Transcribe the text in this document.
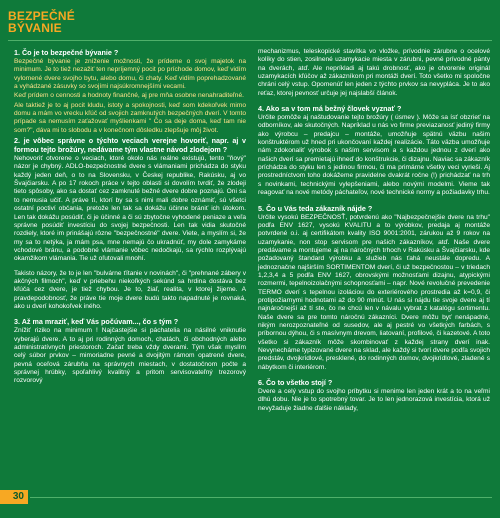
BEZPEČNÉ
BÝVANIE
1. Čo je to bezpečné bývanie ?

Bezpečné bývanie je zníženie možnosti, že prídeme o svoj majetok na minimum. Je to tiež nezažiť ten nepríjemný pocit po príchode domov, keď vidím vylomené dvere svojho bytu, alebo domu, či chaty. Keď vidím poprehadzované a vyhádzané zásuvky so svojími najsúkromnejšími vecami.

Keď prídem o cennosti a hodnoty finančné, aj pre mňa osobne nenahraditeľné.

Ale taktiež je to aj pocit kludu, istoty a spokojnosti, keď som kdekoľvek mimo domu a mám vo vrecku kľúč od svojich zamknutých bezpečných dverí. V tomto prípade sa nemusím zaťažovať myšlienkami " Čo sa deje doma, keď tam nie som?", dáva mi to slobodu a v konečnom dôsledku zlepšuje môj život.

2. je vôbec správne o týchto veciach verejne hovoriť, napr. aj v formou tejto brožúry, nedávame tým vlastne návod zlodejom ?

Nehovoriť otvorene o veciach, ktoré okolo nás reálne existujú, tento "ňový" názor je chybný. ADLO-bezpečnostné dvere s vlámaniami prichádza do styku každý jeden deň, o to na Slovensku, v Českej republike, Rakúsku, aj vo Švajčiarsku. A po 17 rokoch práce v tejto oblasti si dovolím tvrdiť, že zlodeji tieto spôsoby, ako sa dostať cez zamknuté bežné dvere dobre poznajú. Oni sa to nemusia učiť. A práve tí, ktorí by sa s nimi mali dobre oznámiť, sú všetci ostatní poctiví občania, pretože len tak sa dokážu účinne brániť ich útokom. Len tak dokážu posúdiť, či je účinné a či sú zbytočne vyhodené peniaze a veľa správne posúdiť investíciu do svojej bezpečnosti. Len tak vidia skutočné rozdiely, ktoré im prinášajú rôzne "bezpečnostné" dvere. Viete, a myslím si, že my sa to netýka, ja mám psa, mne nemajú čo ukradnúť, my dole zamykáme vchodové bránu, a podobné vlámanie vôbec nedočkajú, sa rýchlo rozplývajú okamžikom vlámania. Tie už oľutovali mnohí.

Takisto názory, že to je len "bulvárne ťítanie v novinách", či "prehnané zábery v akčných filmoch", keď v priebehu niekoľkých sekúnd sa hrdina dostáva bez kľúča cez dvere, je tiež chybou. Je to, žiaľ, realita, v ktorej žijeme. A pravdepodobnosť, že práve tie moje dvere budú takto napadnuté je rovnaká, ako u dverí kohokoľvek iného.

3. Až ma mraziť, keď Vás počúvam..., čo s tým ?

Znížiť riziko na minimum ! Najčastejšie si páchatelia na násilné vniknutie vyberajú dvere. A to aj pri rodinných domoch, chatách, či obchodných alebo administratívnych priestoroch. Začať treba vždy dverami. Tým však myslím celý súbor prvkov – mimoriadne pevné a dvojitým rámom opatrené dvere, pevná oceľová zárubňa na správnych miestach, v dostatočnom počte a správnej hrúbky, spoľahlivý kvalitný a pritom servisovateľný trezorový rozvorový

mechanizmus, teleskopické stavítka vo vložke, prívodnie zárubne o ocelové kolíky do stien, zosilnené uzamykacie miesta v zárubni, pevné prívodné pánty na dverách, atď. Ale nepríkladi aj takú drobnosť, ako je otvorenie originál uzamykacích kľúčov až zákazníkom pri montáži dverí. Toto všetko mi spoločne chráni celý vstup. Opomenúť len jeden z týchto prvkov sa nevypláca. Je to ako reťaz, ktorej pevnosť určuje jej najslabší článok.

4. Ako sa v tom má bežný človek vyznať ?

Určite pomôže aj naštudovanie tejto brožúry ( úsmev ). Môže sa ísť obzrieť na odborníkov, ale skutočných. Napríklad u nás vo firme previazanosť jediný firmy ako výrobcu – predajcu – montáže, umožňuje spätnú väzbu našim konštruktérom už hned pri ukončovaní každej realizácie. Táto väzba umožňuje nám zdokonaliť výrobok s naším servisom a s každou jednou z dverí ako našich dverí sa premietajú ihneď do konštrukcie, či dizajnu. Naviac sa zákazník príchádza do styku len s jedinou firmou, či ma primárne všetky veci vyrieši. Aj prostredníctvom toho dokážeme pravidelne dvakrát ročne (!) prichádzať na trh s novinkami, technickými vylepšeniami, alebo novými modelmi. Vieme tak reagovať na nové metódy páchateľov, nové technické normy a požiadavky trhu.

5. Čo u Vás teda zákazník nájde ?

Určite vysokú BEZPEČNOSŤ, potvrdenú ako "Najbezpečnejšie dvere na trhu" podľa ENV 1627, vysokú KVALITU a to výrobkov, predaja aj montáže potvrdené o.i. aj certifikátom kvality ISO 9001:2001, zárukou až 9 rokov na uzamykanie, non stop servisom pre našich zákazníkov, atď. Naše dvere predávame a montujeme aj na náročných trhoch v Rakúsku a Švajčiarsku, kde požadovaný štandard výrobku a služieb nás ťahá neustále dopredu. A jednoznačne najširším SORTIMENTOM dverí, či už bezpečnostou – v triedach 1,2,3,4 a 5 podľa ENV 1627, obrovskými možnosťami dizajnu, atypickými rozmermi, tepelnoizolačnými schopnosťami – napr. Nové revolučné prevedenie TERMO dverí s tepelnou izoláciou do exteriérového prostredia až k=0,9, či protipožiarnymi hodnotami až do 90 minút. U nás si nájdu tie svoje dvere aj tí najnáročnejší až tí ste, čo ne chcú len v návalu vybrat z katalógu sortimentu. Naše dvere sa pre tomto náročnú zákazníci. Dvere môžu byť nenápadné, nikým nerozpoznateľné od susedov, ale aj pestré vo všetkých farbách, s príbornou dýhou, či s masívnym drevom, liatovaní, profilové, či kazetové. A toto všetko si zákazník môže skombinovať z každej strany dverí inak. Nevynecháme typizované dvere na sklad, ale každý si tvorí dvere podľa svojich predstáv, dvojkrídlové, presklené, do rodinných domov, dvojkrídlové, zladené s nábytkom či interiérom.

6. Čo to všetko stojí ?

Dvere a celý vstup do svojho príbytku si menime len jeden krát a to na veľmi dlhú dobu. Nie je to spotrebný tovar. Je to len jednorazová investícia, ktorá už nevyžaduje žiadne ďalšie náklady,

30
